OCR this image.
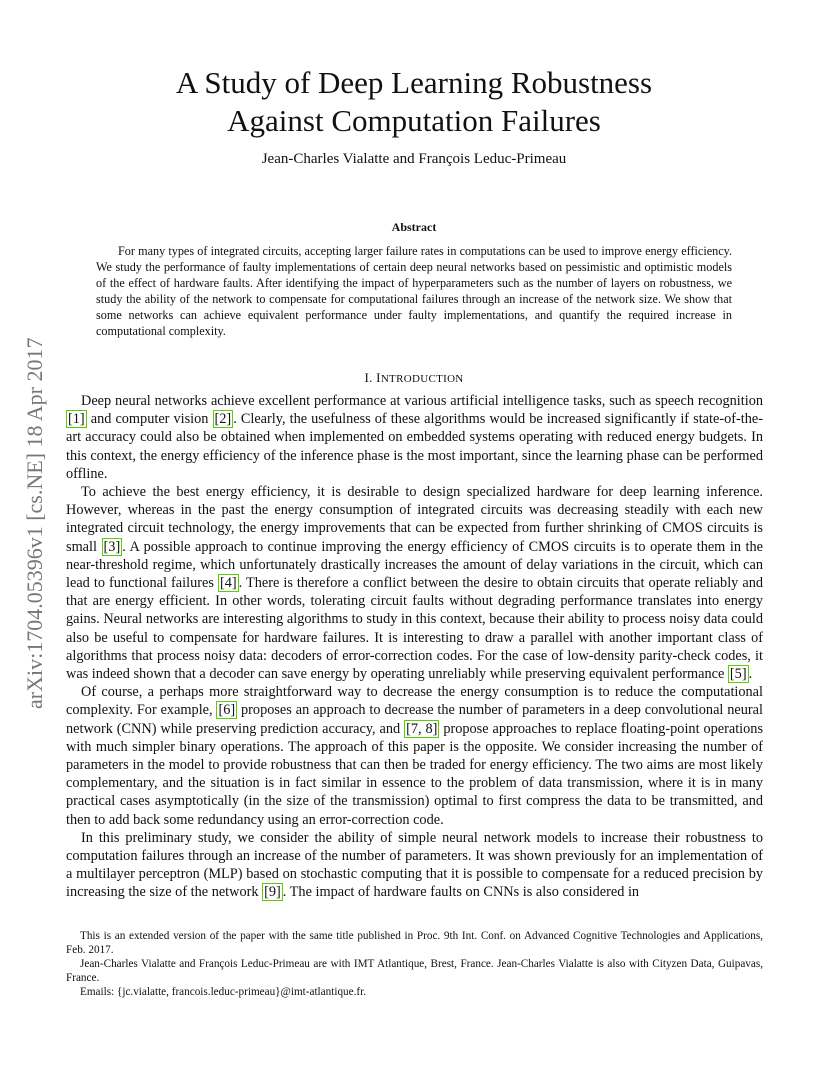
arXiv:1704.05396v1 [cs.NE] 18 Apr 2017
A Study of Deep Learning Robustness
Against Computation Failures
Jean-Charles Vialatte and François Leduc-Primeau
Abstract

For many types of integrated circuits, accepting larger failure rates in computations can be used to improve energy efficiency. We study the performance of faulty implementations of certain deep neural networks based on pessimistic and optimistic models of the effect of hardware faults. After identifying the impact of hyperparameters such as the number of layers on robustness, we study the ability of the network to compensate for computational failures through an increase of the network size. We show that some networks can achieve equivalent performance under faulty implementations, and quantify the required increase in computational complexity.

I. INTRODUCTION

Deep neural networks achieve excellent performance at various artificial intelligence tasks, such as speech recognition [1] and computer vision [2] . Clearly, the usefulness of these algorithms would be increased significantly if state-of-the-art accuracy could also be obtained when implemented on embedded systems operating with reduced energy budgets. In this context, the energy efficiency of the inference phase is the most important, since the learning phase can be performed offline.

To achieve the best energy efficiency, it is desirable to design specialized hardware for deep learning inference. However, whereas in the past the energy consumption of integrated circuits was decreasing steadily with each new integrated circuit technology, the energy improvements that can be expected from further shrinking of CMOS circuits is small [3] . A possible approach to continue improving the energy efficiency of CMOS circuits is to operate them in the near-threshold regime, which unfortunately drastically increases the amount of delay variations in the circuit, which can lead to functional failures [4] . There is therefore a conflict between the desire to obtain circuits that operate reliably and that are energy efficient. In other words, tolerating circuit faults without degrading performance translates into energy gains. Neural networks are interesting algorithms to study in this context, because their ability to process noisy data could also be useful to compensate for hardware failures. It is interesting to draw a parallel with another important class of algorithms that process noisy data: decoders of error-correction codes. For the case of low-density parity-check codes, it was indeed shown that a decoder can save energy by operating unreliably while preserving equivalent performance [5] .

Of course, a perhaps more straightforward way to decrease the energy consumption is to reduce the computational complexity. For example, [6] proposes an approach to decrease the number of parameters in a deep convolutional neural network (CNN) while preserving prediction accuracy, and [7, 8] propose approaches to replace floating-point operations with much simpler binary operations. The approach of this paper is the opposite. We consider increasing the number of parameters in the model to provide robustness that can then be traded for energy efficiency. The two aims are most likely complementary, and the situation is in fact similar in essence to the problem of data transmission, where it is in many practical cases asymptotically (in the size of the transmission) optimal to first compress the data to be transmitted, and then to add back some redundancy using an error-correction code.

In this preliminary study, we consider the ability of simple neural network models to increase their robustness to computation failures through an increase of the number of parameters. It was shown previously for an implementation of a multilayer perceptron (MLP) based on stochastic computing that it is possible to compensate for a reduced precision by increasing the size of the network [9] . The impact of hardware faults on CNNs is also considered in

This is an extended version of the paper with the same title published in Proc. 9th Int. Conf. on Advanced Cognitive Technologies and Applications, Feb. 2017.

Jean-Charles Vialatte and François Leduc-Primeau are with IMT Atlantique, Brest, France. Jean-Charles Vialatte is also with Cityzen Data, Guipavas, France.

Emails: {jc.vialatte, francois.leduc-primeau}@imt-atlantique.fr.
